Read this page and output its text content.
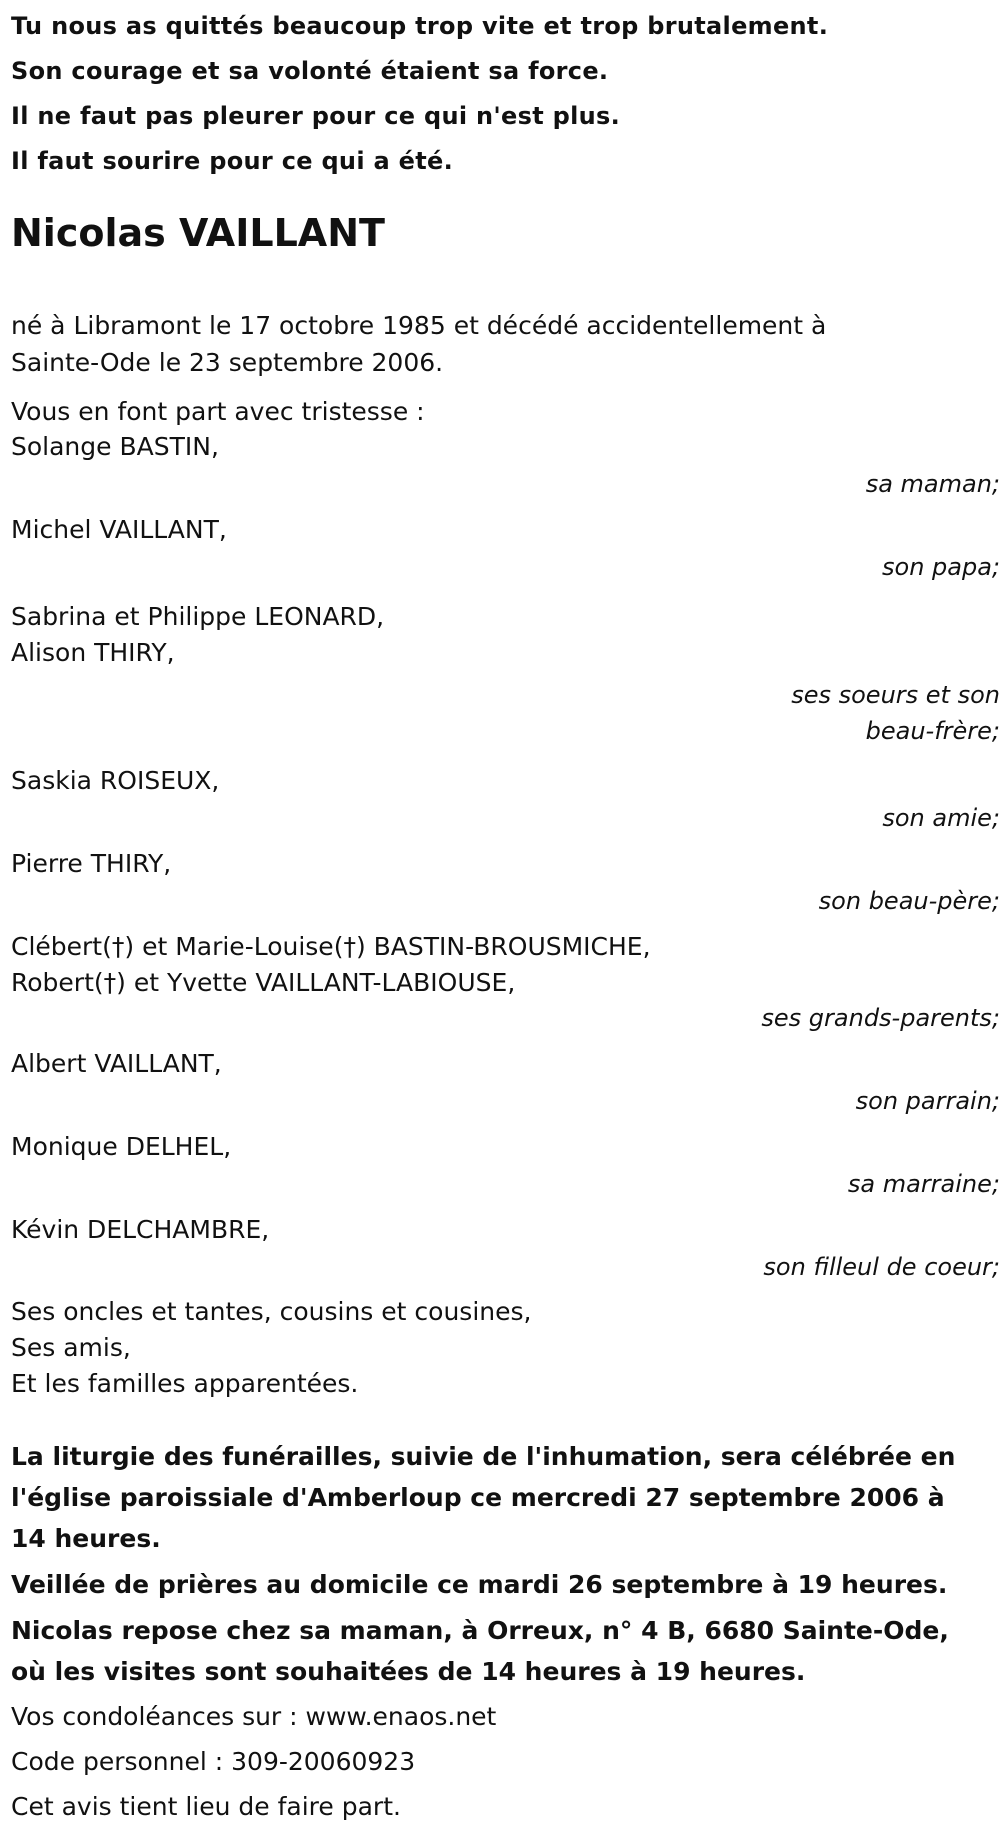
Tu nous as quittés beaucoup trop vite et trop brutalement.
Son courage et sa volonté étaient sa force.
Il ne faut pas pleurer pour ce qui n'est plus.
Il faut sourire pour ce qui a été.
Nicolas VAILLANT
né à Libramont le 17 octobre 1985 et décédé accidentellement à
Sainte-Ode le 23 septembre 2006.
Vous en font part avec tristesse :
Solange BASTIN,
sa maman;
Michel VAILLANT,
son papa;
Sabrina et Philippe LEONARD,
Alison THIRY,
ses soeurs et son
beau-frère;
Saskia ROISEUX,
son amie;
Pierre THIRY,
son beau-père;
Clébert(†) et Marie-Louise(†) BASTIN-BROUSMICHE,
Robert(†) et Yvette VAILLANT-LABIOUSE,
ses grands-parents;
Albert VAILLANT,
son parrain;
Monique DELHEL,
sa marraine;
Kévin DELCHAMBRE,
son filleul de coeur;
Ses oncles et tantes, cousins et cousines,
Ses amis,
Et les familles apparentées.
La liturgie des funérailles, suivie de l'inhumation, sera célébrée en l'église paroissiale d'Amberloup ce mercredi 27 septembre 2006 à 14 heures.
Veillée de prières au domicile ce mardi 26 septembre à 19 heures.
Nicolas repose chez sa maman, à Orreux, n° 4 B, 6680 Sainte-Ode, où les visites sont souhaitées de 14 heures à 19 heures.
Vos condoléances sur : www.enaos.net
Code personnel : 309-20060923
Cet avis tient lieu de faire part.
